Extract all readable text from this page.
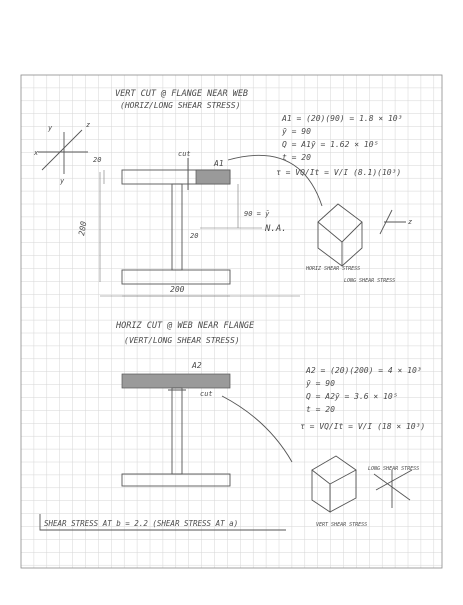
VERT CUT @ FLANGE NEAR WEB
(HORIZ/LONG SHEAR STRESS)
x
z
y
y
cut
A1
20
200
90 = ȳ
N.A.
20
200
A1 = (20)(90) = 1.8 × 10³
ȳ = 90
Q = A1ȳ = 1.62 × 10⁵
t = 20
τ = VQ/It = V/I (8.1)(10³)
z
HORIZ SHEAR STRESS
LONG SHEAR STRESS
HORIZ CUT @ WEB NEAR FLANGE
(VERT/LONG SHEAR STRESS)
A2
cut
A2 = (20)(200) = 4 × 10³
ȳ = 90
Q = A2ȳ = 3.6 × 10⁵
t = 20
τ = VQ/It = V/I (18 × 10³)
LONG SHEAR STRESS
VERT SHEAR STRESS
SHEAR STRESS AT b = 2.2 (SHEAR STRESS AT a)
